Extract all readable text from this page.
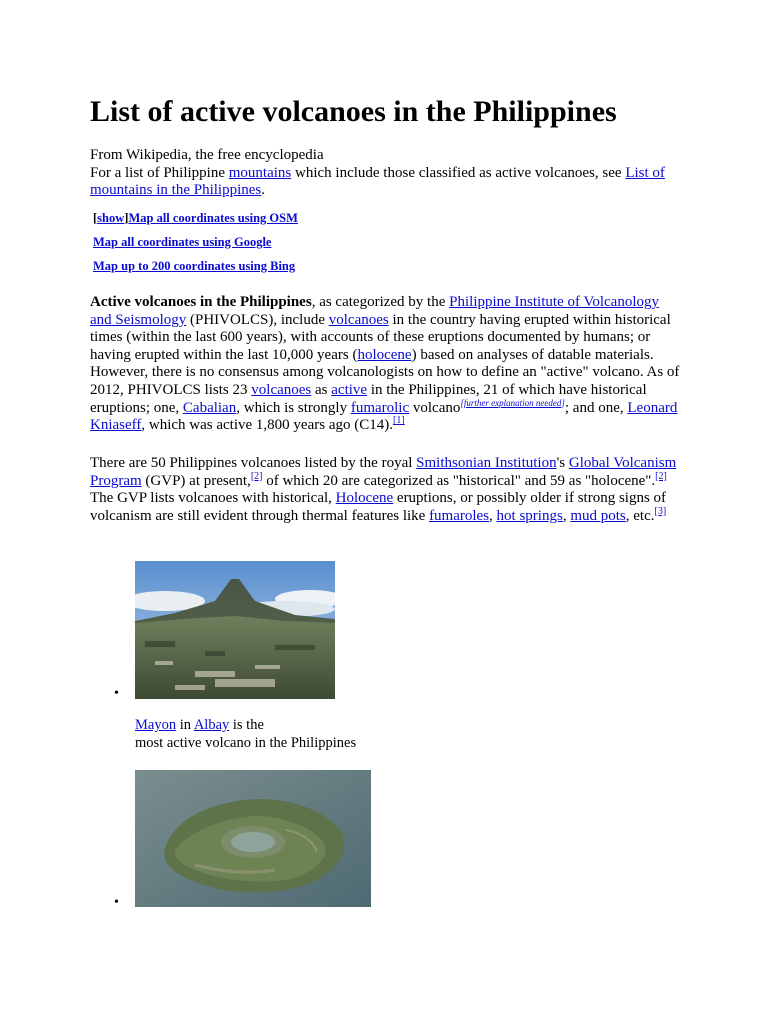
List of active volcanoes in the Philippines

From Wikipedia, the free encyclopedia
For a list of Philippine mountains which include those classified as active volcanoes, see List of mountains in the Philippines.

[show]Map all coordinates using OSM
Map all coordinates using Google
Map up to 200 coordinates using Bing

Active volcanoes in the Philippines, as categorized by the Philippine Institute of Volcanology and Seismology (PHIVOLCS), include volcanoes in the country having erupted within historical times (within the last 600 years), with accounts of these eruptions documented by humans; or having erupted within the last 10,000 years (holocene) based on analyses of datable materials. However, there is no consensus among volcanologists on how to define an "active" volcano. As of 2012, PHIVOLCS lists 23 volcanoes as active in the Philippines, 21 of which have historical eruptions; one, Cabalian, which is strongly fumarolic volcano[further explanation needed]; and one, Leonard Kniaseff, which was active 1,800 years ago (C14).[1]

There are 50 Philippines volcanoes listed by the royal Smithsonian Institution's Global Volcanism Program (GVP) at present,[2] of which 20 are categorized as "historical" and 59 as "holocene".[2] The GVP lists volcanoes with historical, Holocene eruptions, or possibly older if strong signs of volcanism are still evident through thermal features like fumaroles, hot springs, mud pots, etc.[3]

•
Mayon in Albay is the
most active volcano in the Philippines
•
